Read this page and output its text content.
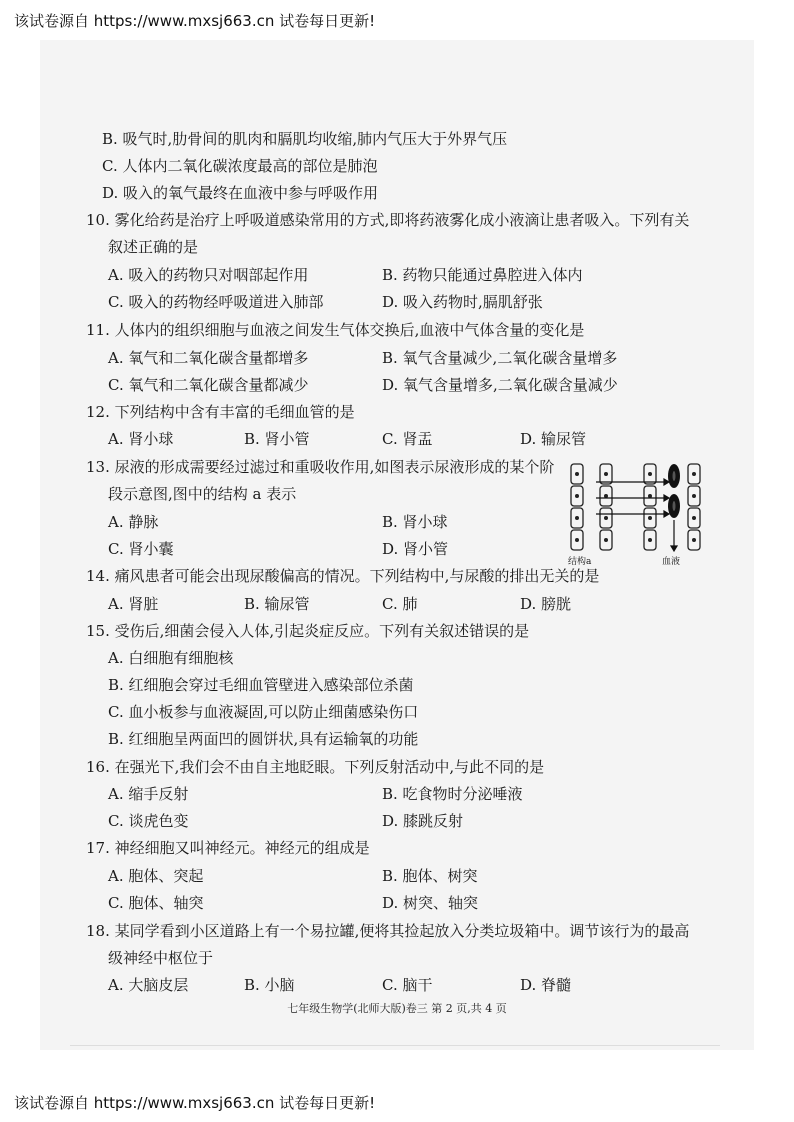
该试卷源自 https://www.mxsj663.cn 试卷每日更新!
B. 吸气时,肋骨间的肌肉和膈肌均收缩,肺内气压大于外界气压
C. 人体内二氧化碳浓度最高的部位是肺泡
D. 吸入的氧气最终在血液中参与呼吸作用
10. 雾化给药是治疗上呼吸道感染常用的方式,即将药液雾化成小液滴让患者吸入。下列有关
叙述正确的是
A. 吸入的药物只对咽部起作用	B. 药物只能通过鼻腔进入体内
C. 吸入的药物经呼吸道进入肺部	D. 吸入药物时,膈肌舒张
11. 人体内的组织细胞与血液之间发生气体交换后,血液中气体含量的变化是
A. 氧气和二氧化碳含量都增多	B. 氧气含量减少,二氧化碳含量增多
C. 氧气和二氧化碳含量都减少	D. 氧气含量增多,二氧化碳含量减少
12. 下列结构中含有丰富的毛细血管的是
A. 肾小球	B. 肾小管	C. 肾盂	D. 输尿管
13. 尿液的形成需要经过滤过和重吸收作用,如图表示尿液形成的某个阶
段示意图,图中的结构 a 表示
A. 静脉	B. 肾小球
C. 肾小囊	D. 肾小管
14. 痛风患者可能会出现尿酸偏高的情况。下列结构中,与尿酸的排出无关的是
A. 肾脏	B. 输尿管	C. 肺	D. 膀胱
15. 受伤后,细菌会侵入人体,引起炎症反应。下列有关叙述错误的是
A. 白细胞有细胞核
B. 红细胞会穿过毛细血管壁进入感染部位杀菌
C. 血小板参与血液凝固,可以防止细菌感染伤口
B. 红细胞呈两面凹的圆饼状,具有运输氧的功能
16. 在强光下,我们会不由自主地眨眼。下列反射活动中,与此不同的是
A. 缩手反射	B. 吃食物时分泌唾液
C. 谈虎色变	D. 膝跳反射
17. 神经细胞又叫神经元。神经元的组成是
A. 胞体、突起	B. 胞体、树突
C. 胞体、轴突	D. 树突、轴突
18. 某同学看到小区道路上有一个易拉罐,便将其捡起放入分类垃圾箱中。调节该行为的最高
级神经中枢位于
A. 大脑皮层	B. 小脑	C. 脑干	D. 脊髓
结构a	血液
七年级生物学(北师大版)卷三 第 2 页,共 4 页
该试卷源自 https://www.mxsj663.cn 试卷每日更新!
